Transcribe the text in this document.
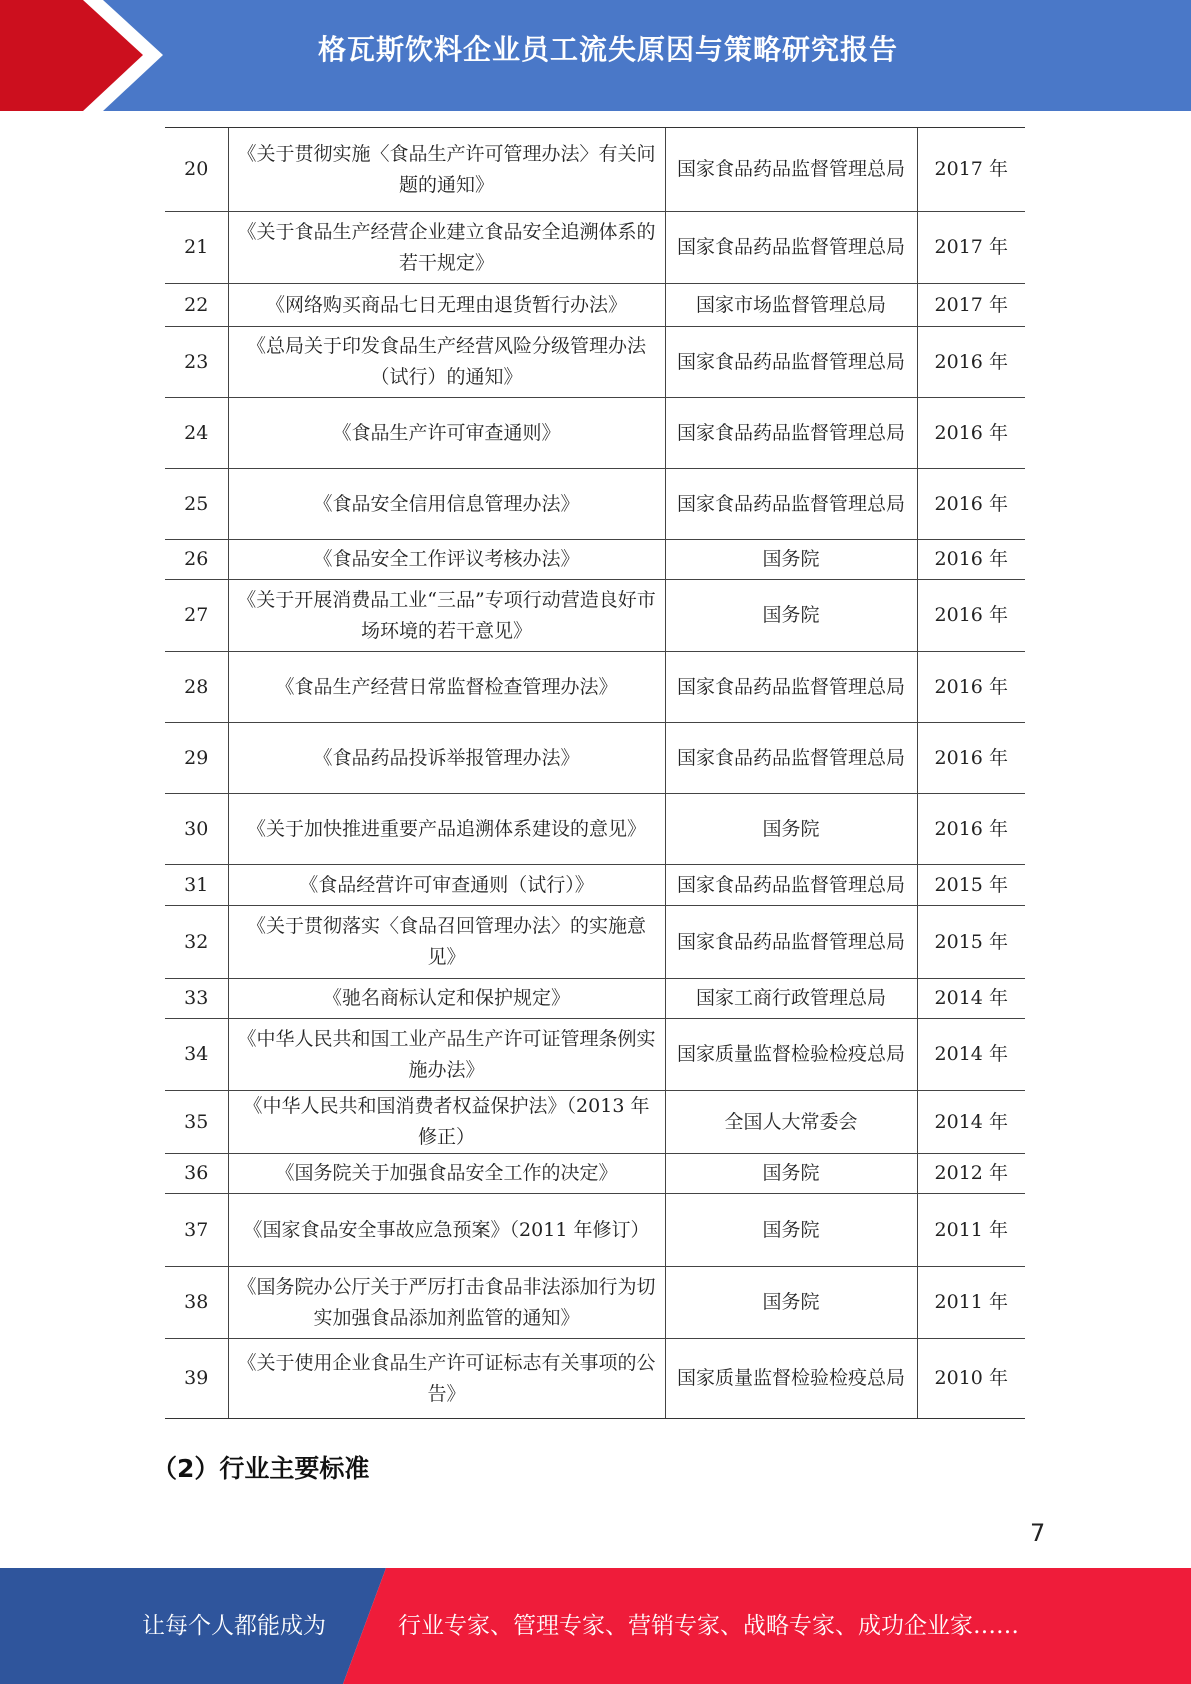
格瓦斯饮料企业员工流失原因与策略研究报告
20	《关于贯彻实施〈食品生产许可管理办法〉有关问题的通知》	国家食品药品监督管理总局	2017 年
21	《关于食品生产经营企业建立食品安全追溯体系的若干规定》	国家食品药品监督管理总局	2017 年
22	《网络购买商品七日无理由退货暂行办法》	国家市场监督管理总局	2017 年
23	《总局关于印发食品生产经营风险分级管理办法（试行）的通知》	国家食品药品监督管理总局	2016 年
24	《食品生产许可审查通则》	国家食品药品监督管理总局	2016 年
25	《食品安全信用信息管理办法》	国家食品药品监督管理总局	2016 年
26	《食品安全工作评议考核办法》	国务院	2016 年
27	《关于开展消费品工业“三品”专项行动营造良好市场环境的若干意见》	国务院	2016 年
28	《食品生产经营日常监督检查管理办法》	国家食品药品监督管理总局	2016 年
29	《食品药品投诉举报管理办法》	国家食品药品监督管理总局	2016 年
30	《关于加快推进重要产品追溯体系建设的意见》	国务院	2016 年
31	《食品经营许可审查通则（试行）》	国家食品药品监督管理总局	2015 年
32	《关于贯彻落实〈食品召回管理办法〉的实施意见》	国家食品药品监督管理总局	2015 年
33	《驰名商标认定和保护规定》	国家工商行政管理总局	2014 年
34	《中华人民共和国工业产品生产许可证管理条例实施办法》	国家质量监督检验检疫总局	2014 年
35	《中华人民共和国消费者权益保护法》（2013 年修正）	全国人大常委会	2014 年
36	《国务院关于加强食品安全工作的决定》	国务院	2012 年
37	《国家食品安全事故应急预案》（2011 年修订）	国务院	2011 年
38	《国务院办公厅关于严厉打击食品非法添加行为切实加强食品添加剂监管的通知》	国务院	2011 年
39	《关于使用企业食品生产许可证标志有关事项的公告》	国家质量监督检验检疫总局	2010 年
（2）行业主要标准
7
让每个人都能成为	行业专家、管理专家、营销专家、战略专家、成功企业家……
